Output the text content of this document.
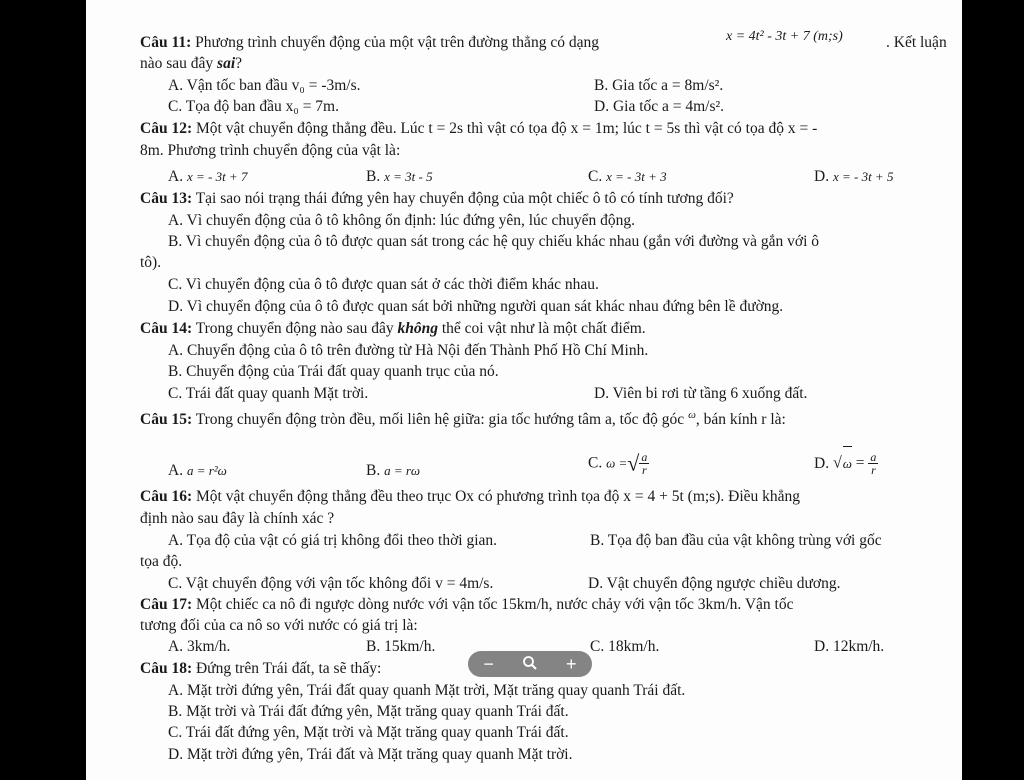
Câu 11: Phương trình chuyển động của một vật trên đường thẳng có dạng	x = 4t² - 3t + 7 (m;s)	. Kết luận
nào sau đây sai?
A. Vận tốc ban đầu v₀ = -3m/s.	B. Gia tốc a = 8m/s².
C. Tọa độ ban đầu x₀ = 7m.	D. Gia tốc a = 4m/s².
Câu 12: Một vật chuyển động thẳng đều. Lúc t = 2s thì vật có tọa độ x = 1m; lúc t = 5s thì vật có tọa độ x = -
8m. Phương trình chuyển động của vật là:
A. x = - 3t + 7	B. x = 3t - 5	C. x = - 3t + 3	D. x = - 3t + 5
Câu 13: Tại sao nói trạng thái đứng yên hay chuyển động của một chiếc ô tô có tính tương đối?
A. Vì chuyển động của ô tô không ổn định: lúc đứng yên, lúc chuyển động.
B. Vì chuyển động của ô tô được quan sát trong các hệ quy chiếu khác nhau (gắn với đường và gắn với ô
tô).
C. Vì chuyển động của ô tô được quan sát ở các thời điểm khác nhau.
D. Vì chuyển động của ô tô được quan sát bởi những người quan sát khác nhau đứng bên lề đường.
Câu 14: Trong chuyển động nào sau đây không thể coi vật như là một chất điểm.
A. Chuyển động của ô tô trên đường từ Hà Nội đến Thành Phố Hồ Chí Minh.
B. Chuyển động của Trái đất quay quanh trục của nó.
C. Trái đất quay quanh Mặt trời.	D. Viên bi rơi từ tầng 6 xuống đất.
Câu 15: Trong chuyển động tròn đều, mối liên hệ giữa: gia tốc hướng tâm a, tốc độ góc $^\omega$, bán kính r là:
A. a = r²ω	B. a = rω	C. ω =√ $\frac{a}{r}$	D. $√\omega = \frac{a}{r}$
Câu 16: Một vật chuyển động thẳng đều theo trục Ox có phương trình tọa độ x = 4 + 5t (m;s). Điều khẳng
định nào sau đây là chính xác ?
A. Tọa độ của vật có giá trị không đổi theo thời gian.	B. Tọa độ ban đầu của vật không trùng với gốc
tọa độ.
C. Vật chuyển động với vận tốc không đổi v = 4m/s.	D. Vật chuyển động ngược chiều dương.
Câu 17: Một chiếc ca nô đi ngược dòng nước với vận tốc 15km/h, nước chảy với vận tốc 3km/h. Vận tốc
tương đối của ca nô so với nước có giá trị là:
A. 3km/h.	B. 15km/h.	C. 18km/h.	D. 12km/h.
Câu 18: Đứng trên Trái đất, ta sẽ thấy:
A. Mặt trời đứng yên, Trái đất quay quanh Mặt trời, Mặt trăng quay quanh Trái đất.
B. Mặt trời và Trái đất đứng yên, Mặt trăng quay quanh Trái đất.
C. Trái đất đứng yên, Mặt trời và Mặt trăng quay quanh Trái đất.
D. Mặt trời đứng yên, Trái đất và Mặt trăng quay quanh Mặt trời.
−	+
